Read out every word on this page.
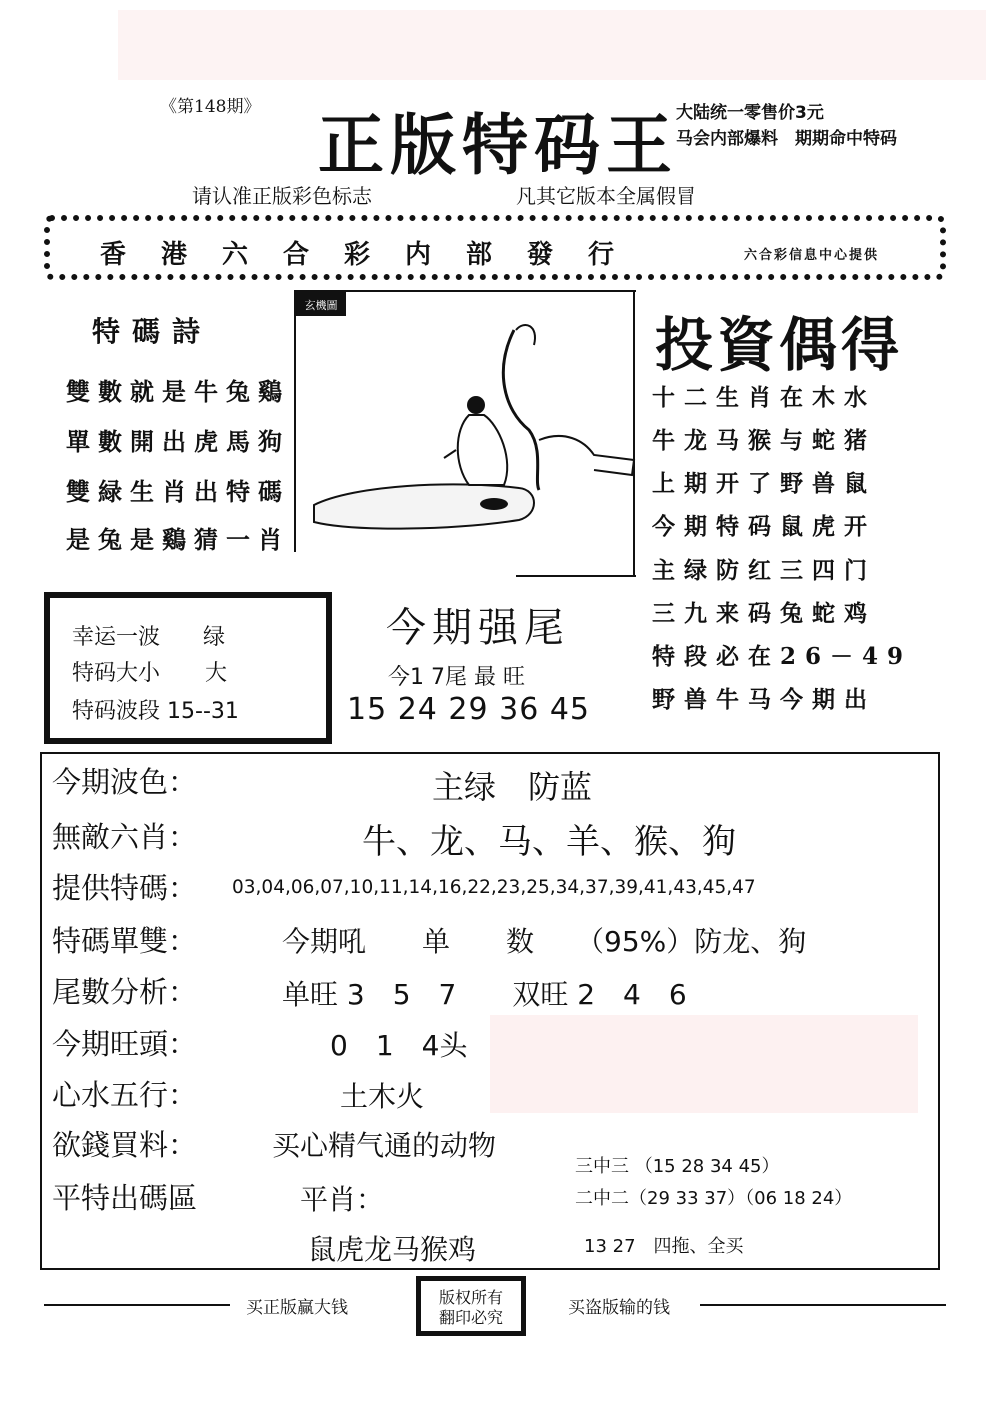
《第148期》 正版特码王
大陆统一零售价3元
马会内部爆料　期期命中特码
请认准正版彩色标志	凡其它版本全属假冒
香港六合彩内部發行	六合彩信息中心提供
特碼詩
雙數就是牛兔鷄
單數開出虎馬狗
雙緑生肖出特碼
是兔是鷄猜一肖
玄機圖
投資偶得
十二生肖在木水
牛龙马猴与蛇猪
上期开了野兽鼠
今期特码鼠虎开
主绿防红三四门
三九来码兔蛇鸡
特段必在26－49
野兽牛马今期出
幸运一波 绿
特码大小 大
特码波段 15--31
今期强尾
今1 7尾 最 旺
15 24 29 36 45
今期波色：	主绿　防蓝
無敵六肖：	牛、龙、马、羊、猴、狗
提供特碼： 03,04,06,07,10,11,14,16,22,23,25,34,37,39,41,43,45,47
特碼單雙：	今期吼　　单　　数　　（95%）防龙、狗
尾數分析：	单旺 3　5　7　　双旺 2　4　6
今期旺頭：	0　1　4头
心水五行：	土木火
欲錢買料：	买心精气通的动物
平特出碼區	平肖：
鼠虎龙马猴鸡
三中三 （15 28 34 45）
二中二（29 33 37）（06 18 24）
13 27　四拖、全买
买正版赢大钱
版权所有
翻印必究	买盗版输的钱
